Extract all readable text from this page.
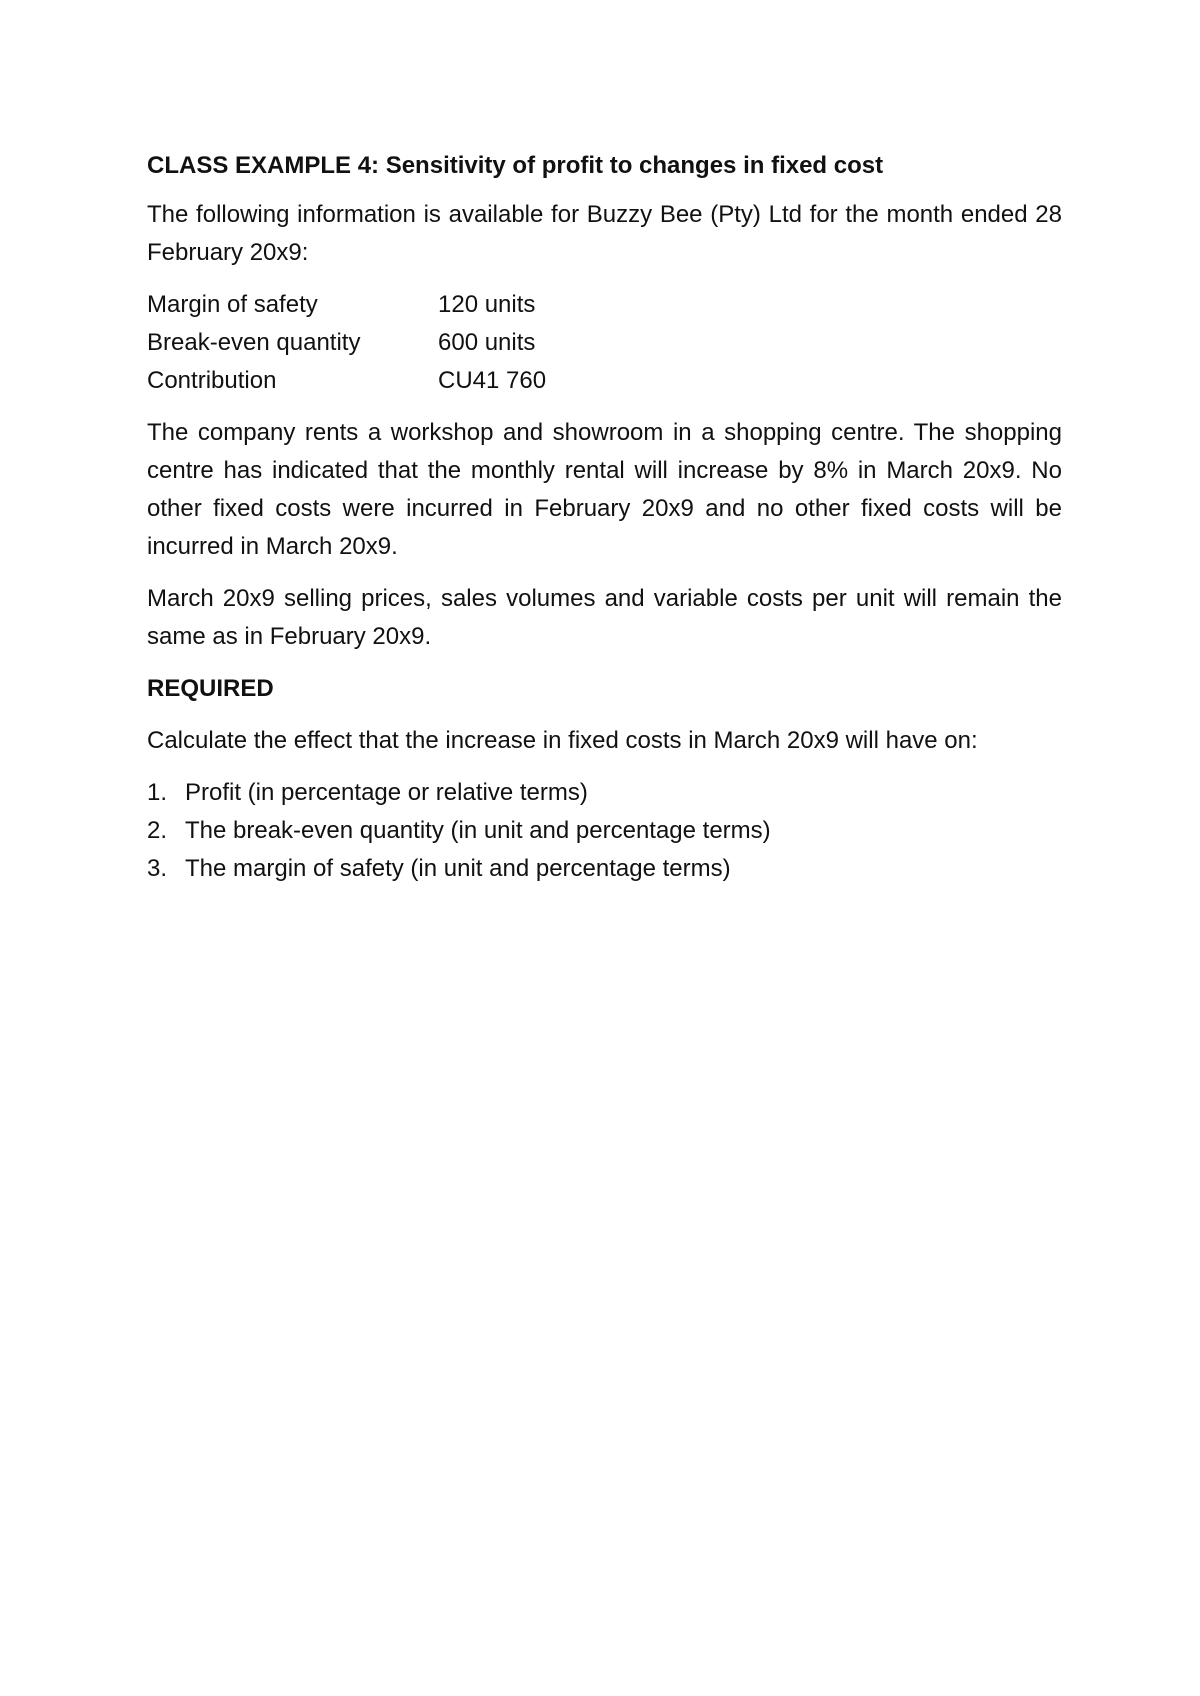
CLASS EXAMPLE 4: Sensitivity of profit to changes in fixed cost
The following information is available for Buzzy Bee (Pty) Ltd for the month ended 28 February 20x9:
Margin of safety	120 units
Break-even quantity	600 units
Contribution	CU41 760
The company rents a workshop and showroom in a shopping centre. The shopping centre has indicated that the monthly rental will increase by 8% in March 20x9. No other fixed costs were incurred in February 20x9 and no other fixed costs will be incurred in March 20x9.
March 20x9 selling prices, sales volumes and variable costs per unit will remain the same as in February 20x9.
REQUIRED
Calculate the effect that the increase in fixed costs in March 20x9 will have on:
1. Profit (in percentage or relative terms)
2. The break-even quantity (in unit and percentage terms)
3. The margin of safety (in unit and percentage terms)
